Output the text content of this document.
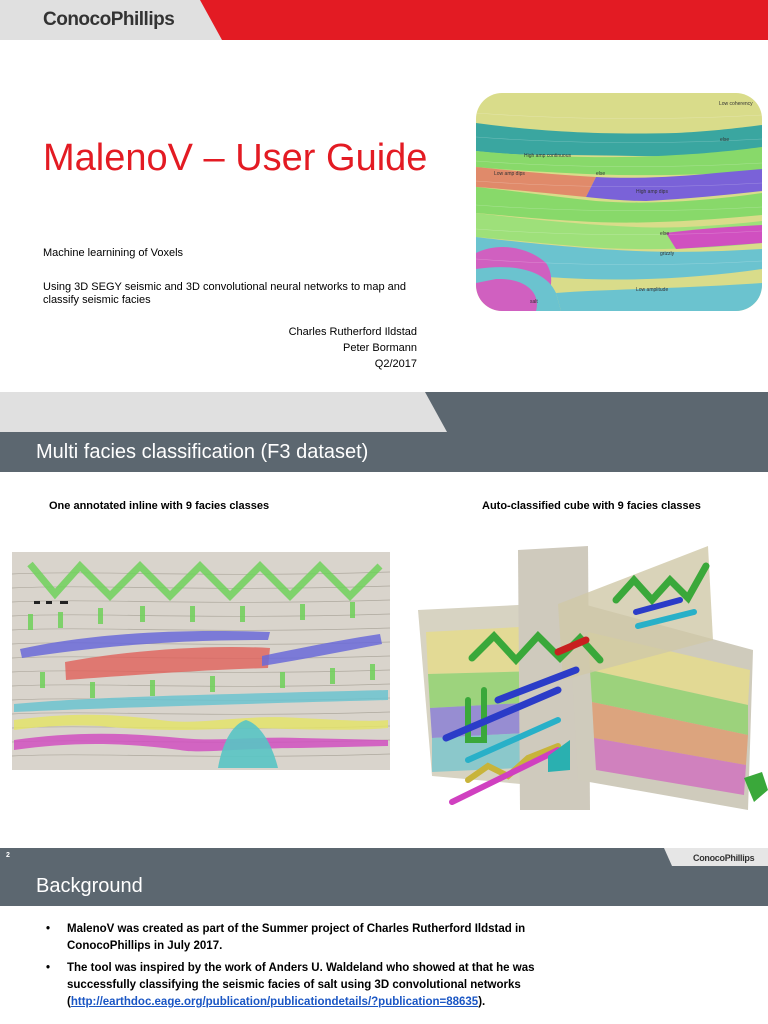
ConocoPhillips
MalenoV – User Guide
Machine learnining of Voxels
Using 3D SEGY seismic and 3D convolutional neural networks to map and classify seismic facies
Charles Rutherford Ildstad
Peter Bormann
Q2/2017
Low coherency
else
High amp continuous
Low amp dips	else
High amp dips
else
grizzly
Low amplitude
salt
Multi facies classification (F3 dataset)
One annotated inline with 9 facies classes	Auto-classified cube with 9 facies classes
2	ConocoPhillips
Background
• MalenoV was created as part of the Summer project of Charles Rutherford Ildstad in ConocoPhillips in July 2017.
• The tool was inspired by the work of Anders U. Waldeland who showed at that he was successfully classifying the seismic facies of salt using 3D convolutional networks (http://earthdoc.eage.org/publication/publicationdetails/?publication=88635).
